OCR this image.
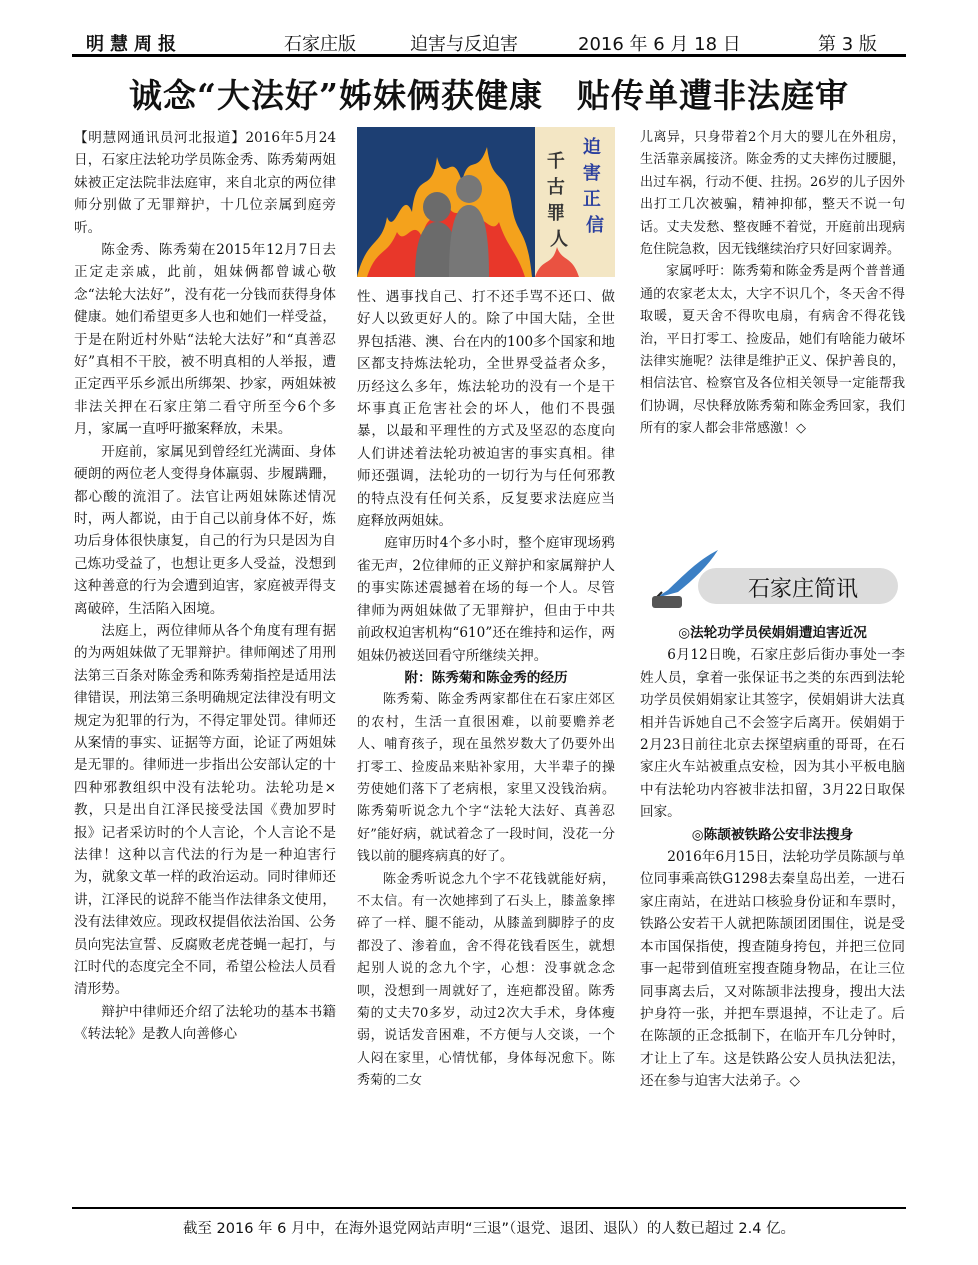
明慧周报	石家庄版	迫害与反迫害	2016 年 6 月 18 日	第 3 版
诚念“大法好”姊妹俩获健康　贴传单遭非法庭审

【明慧网通讯员河北报道】2016年5月24日，石家庄法轮功学员陈金秀、陈秀菊两姐妹被正定法院非法庭审，来自北京的两位律师分别做了无罪辩护，十几位亲属到庭旁听。

陈金秀、陈秀菊在2015年12月7日去正定走亲戚，此前，姐妹俩都曾诚心敬念“法轮大法好”，没有花一分钱而获得身体健康。她们希望更多人也和她们一样受益，于是在附近村外贴“法轮大法好”和“真善忍好”真相不干胶，被不明真相的人举报，遭正定西平乐乡派出所绑架、抄家，两姐妹被非法关押在石家庄第二看守所至今6个多月，家属一直呼吁撤案释放，未果。

开庭前，家属见到曾经红光满面、身体硬朗的两位老人变得身体羸弱、步履蹒跚，都心酸的流泪了。法官让两姐妹陈述情况时，两人都说，由于自己以前身体不好，炼功后身体很快康复，自己的行为只是因为自己炼功受益了，也想让更多人受益，没想到这种善意的行为会遭到迫害，家庭被弄得支离破碎，生活陷入困境。

法庭上，两位律师从各个角度有理有据的为两姐妹做了无罪辩护。律师阐述了用刑法第三百条对陈金秀和陈秀菊指控是适用法律错误，刑法第三条明确规定法律没有明文规定为犯罪的行为，不得定罪处罚。律师还从案情的事实、证据等方面，论证了两姐妹是无罪的。律师进一步指出公安部认定的十四种邪教组织中没有法轮功。法轮功是×教，只是出自江泽民接受法国《费加罗时报》记者采访时的个人言论，个人言论不是法律！这种以言代法的行为是一种迫害行为，就象文革一样的政治运动。同时律师还讲，江泽民的说辞不能当作法律条文使用，没有法律效应。现政权提倡依法治国、公务员向宪法宣誓、反腐败老虎苍蝇一起打，与江时代的态度完全不同，希望公检法人员看清形势。

辩护中律师还介绍了法轮功的基本书籍《转法轮》是教人向善修心

迫 害 正 信
千 古 罪 人

性、遇事找自己、打不还手骂不还口、做好人以致更好人的。除了中国大陆，全世界包括港、澳、台在内的100多个国家和地区都支持炼法轮功，全世界受益者众多，历经这么多年，炼法轮功的没有一个是干坏事真正危害社会的坏人，他们不畏强暴，以最和平理性的方式及坚忍的态度向人们讲述着法轮功被迫害的事实真相。律师还强调，法轮功的一切行为与任何邪教的特点没有任何关系，反复要求法庭应当庭释放两姐妹。

庭审历时4个多小时，整个庭审现场鸦雀无声，2位律师的正义辩护和家属辩护人的事实陈述震撼着在场的每一个人。尽管律师为两姐妹做了无罪辩护，但由于中共前政权迫害机构“610”还在维持和运作，两姐妹仍被送回看守所继续关押。

附：陈秀菊和陈金秀的经历

陈秀菊、陈金秀两家都住在石家庄郊区的农村，生活一直很困难，以前要赡养老人、哺育孩子，现在虽然岁数大了仍要外出打零工、捡废品来贴补家用，大半辈子的操劳使她们落下了老病根，家里又没钱治病。陈秀菊听说念九个字“法轮大法好、真善忍好”能好病，就试着念了一段时间，没花一分钱以前的腿疼病真的好了。

陈金秀听说念九个字不花钱就能好病，不太信。有一次她摔到了石头上，膝盖象摔碎了一样、腿不能动，从膝盖到脚脖子的皮都没了、渗着血，舍不得花钱看医生，就想起别人说的念九个字，心想：没事就念念呗，没想到一周就好了，连疤都没留。陈秀菊的丈夫70多岁，动过2次大手术，身体瘦弱，说话发音困难，不方便与人交谈，一个人闷在家里，心情忧郁，身体每况愈下。陈秀菊的二女

儿离异，只身带着2个月大的婴儿在外租房，生活靠亲属接济。陈金秀的丈夫摔伤过腰腿，出过车祸，行动不便、拄拐。26岁的儿子因外出打工几次被骗，精神抑郁，整天不说一句话。丈夫发愁、整夜睡不着觉，开庭前出现病危住院急救，因无钱继续治疗只好回家调养。

家属呼吁：陈秀菊和陈金秀是两个普普通通的农家老太太，大字不识几个，冬天舍不得取暖，夏天舍不得吹电扇，有病舍不得花钱治，平日打零工、捡废品，她们有啥能力破坏法律实施呢？法律是维护正义、保护善良的，相信法官、检察官及各位相关领导一定能帮我们协调，尽快释放陈秀菊和陈金秀回家，我们所有的家人都会非常感激！◇

石家庄简讯

◎法轮功学员侯娟娟遭迫害近况

6月12日晚，石家庄彭后街办事处一李姓人员，拿着一张保证书之类的东西到法轮功学员侯娟娟家让其签字，侯娟娟讲大法真相并告诉她自己不会签字后离开。侯娟娟于2月23日前往北京去探望病重的哥哥，在石家庄火车站被重点安检，因为其小平板电脑中有法轮功内容被非法扣留，3月22日取保回家。

◎陈颉被铁路公安非法搜身

2016年6月15日，法轮功学员陈颉与单位同事乘高铁G1298去秦皇岛出差，一进石家庄南站，在进站口核验身份证和车票时，铁路公安若干人就把陈颉团团围住，说是受本市国保指使，搜查随身挎包，并把三位同事一起带到值班室搜查随身物品，在让三位同事离去后，又对陈颉非法搜身，搜出大法护身符一张，并把车票退掉，不让走了。后在陈颉的正念抵制下，在临开车几分钟时，才让上了车。这是铁路公安人员执法犯法，还在参与迫害大法弟子。◇

截至 2016 年 6 月中，在海外退党网站声明“三退”（退党、退团、退队）的人数已超过 2.4 亿。
